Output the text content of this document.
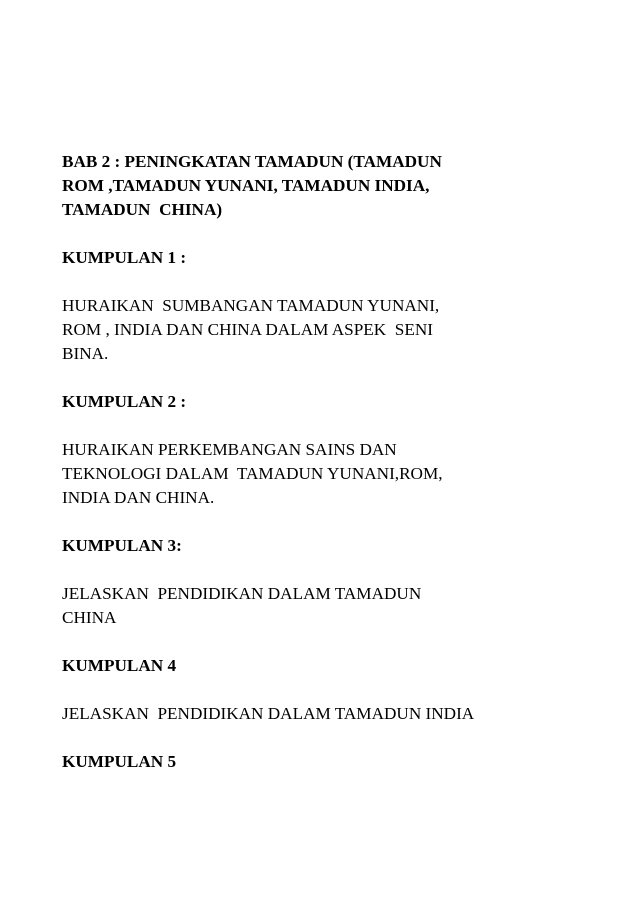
BAB 2 : PENINGKATAN TAMADUN (TAMADUN
ROM ,TAMADUN YUNANI, TAMADUN INDIA,
TAMADUN  CHINA)
KUMPULAN 1 :
HURAIKAN  SUMBANGAN TAMADUN YUNANI,
ROM , INDIA DAN CHINA DALAM ASPEK  SENI
BINA.
KUMPULAN 2 :
HURAIKAN PERKEMBANGAN SAINS DAN
TEKNOLOGI DALAM  TAMADUN YUNANI,ROM,
INDIA DAN CHINA.
KUMPULAN 3:
JELASKAN  PENDIDIKAN DALAM TAMADUN
CHINA
KUMPULAN 4
JELASKAN  PENDIDIKAN DALAM TAMADUN INDIA
KUMPULAN 5
